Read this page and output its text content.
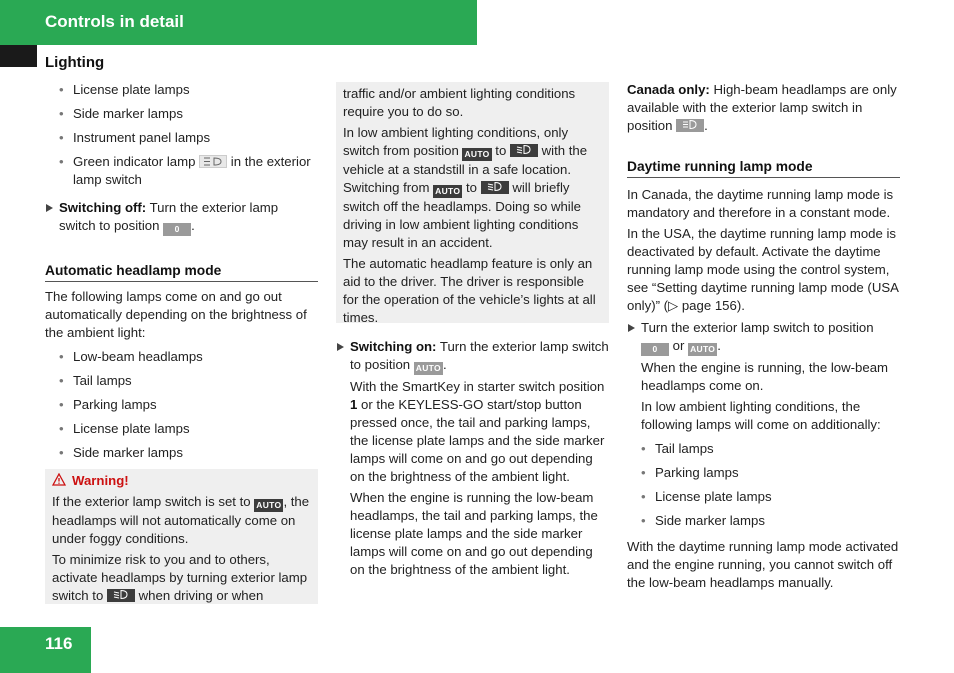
Controls in detail
Lighting

• License plate lamps

• Side marker lamps

• Instrument panel lamps

• Green indicator lamp	in the exterior lamp switch

Switching off: Turn the exterior lamp switch to position 0 .

Automatic headlamp mode

The following lamps come on and go out automatically depending on the brightness of the ambient light:

• Low-beam headlamps

• Tail lamps

• Parking lamps

• License plate lamps

• Side marker lamps

Warning!

If the exterior lamp switch is set to AUTO , the headlamps will not automatically come on under foggy conditions.

To minimize risk to you and to others, activate headlamps by turning exterior lamp switch to	when driving or when

traffic and/or ambient lighting conditions require you to do so.

In low ambient lighting conditions, only switch from position AUTO to	with the vehicle at a standstill in a safe location. Switching from AUTO to	will briefly switch off the headlamps. Doing so while driving in low ambient lighting conditions may result in an accident.

The automatic headlamp feature is only an aid to the driver. The driver is responsible for the operation of the vehicle’s lights at all times.

Switching on: Turn the exterior lamp switch to position AUTO .

With the SmartKey in starter switch position 1 or the KEYLESS-GO start/stop button pressed once, the tail and parking lamps, the license plate lamps and the side marker lamps will come on and go out depending on the brightness of the ambient light.

When the engine is running the low-beam headlamps, the tail and parking lamps, the license plate lamps and the side marker lamps will come on and go out depending on the brightness of the ambient light.

Canada only: High-beam headlamps are only available with the exterior lamp switch in position .

Daytime running lamp mode

In Canada, the daytime running lamp mode is mandatory and therefore in a constant mode.

In the USA, the daytime running lamp mode is deactivated by default. Activate the daytime running lamp mode using the control system, see “Setting daytime running lamp mode (USA only)” (▷ page 156).

Turn the exterior lamp switch to position
0 or AUTO .

When the engine is running, the low-beam headlamps come on.

In low ambient lighting conditions, the following lamps will come on additionally:

• Tail lamps

• Parking lamps

• License plate lamps

• Side marker lamps

With the daytime running lamp mode activated and the engine running, you cannot switch off the low-beam headlamps manually.

116
